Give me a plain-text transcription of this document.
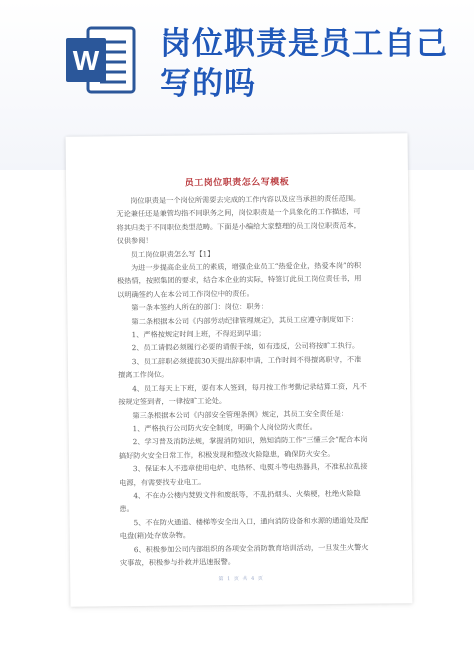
W 岗位职责是员工自己写的吗
员工岗位职责怎么写模板

岗位职责是一个岗位所需要去完成的工作内容以及应当承担的责任范围。无论兼任还是兼管均指不同职务之间，岗位职责是一个具象化的工作描述，可将其归类于不同职位类型范畴。下面是小编给大家整理的员工岗位职责范本，仅供参阅！

员工岗位职责怎么写【1】

为进一步提高企业员工的素质，增强企业员工“热爱企业，热爱本岗”的积极热情，按照集团的要求，结合本企业的实际，特签订此员工岗位责任书，用以明确签约人在本公司工作岗位中的责任。

第一条本签约人所在的部门：岗位：职务：

第二条根据本公司《内部劳动纪律管理规定》，其员工应遵守制度如下：

1、严格按规定时间上班，不得迟到早退；

2、员工请假必须履行必要的请假手续，如有违反，公司将按旷工执行。

3、员工辞职必须提前30天提出辞职申请，工作时间不得擅离职守，不准擅离工作岗位。

4、员工每天上下班，要有本人签到，每月按工作考勤记录结算工资，凡不按规定签到者，一律按旷工论处。

第三条根据本公司《内部安全管理条例》规定，其员工安全责任是：

1、严格执行公司防火安全制度，明确个人岗位防火责任。

2、学习普及消防法规，掌握消防知识，熟知消防工作“三懂三会”配合本岗搞好防火安全日常工作，积极发现和整改火险隐患，确保防火安全。

3、保证本人不违章使用电炉、电热杯、电熨斗等电热器具，不准私拉乱接电源，有需要找专业电工。

4、不在办公楼内焚毁文件和废纸等，不乱扔烟头、火柴梗，杜绝火险隐患。

5、不在防火通道、楼梯等安全出入口，通向消防设备和水源的通道处及配电盘(箱)处存放杂物。

6、积极参加公司内部组织的各项安全消防教育培训活动，一旦发生火警火灾事故，积极参与扑救并迅速报警。

第 1 页 共 4 页
